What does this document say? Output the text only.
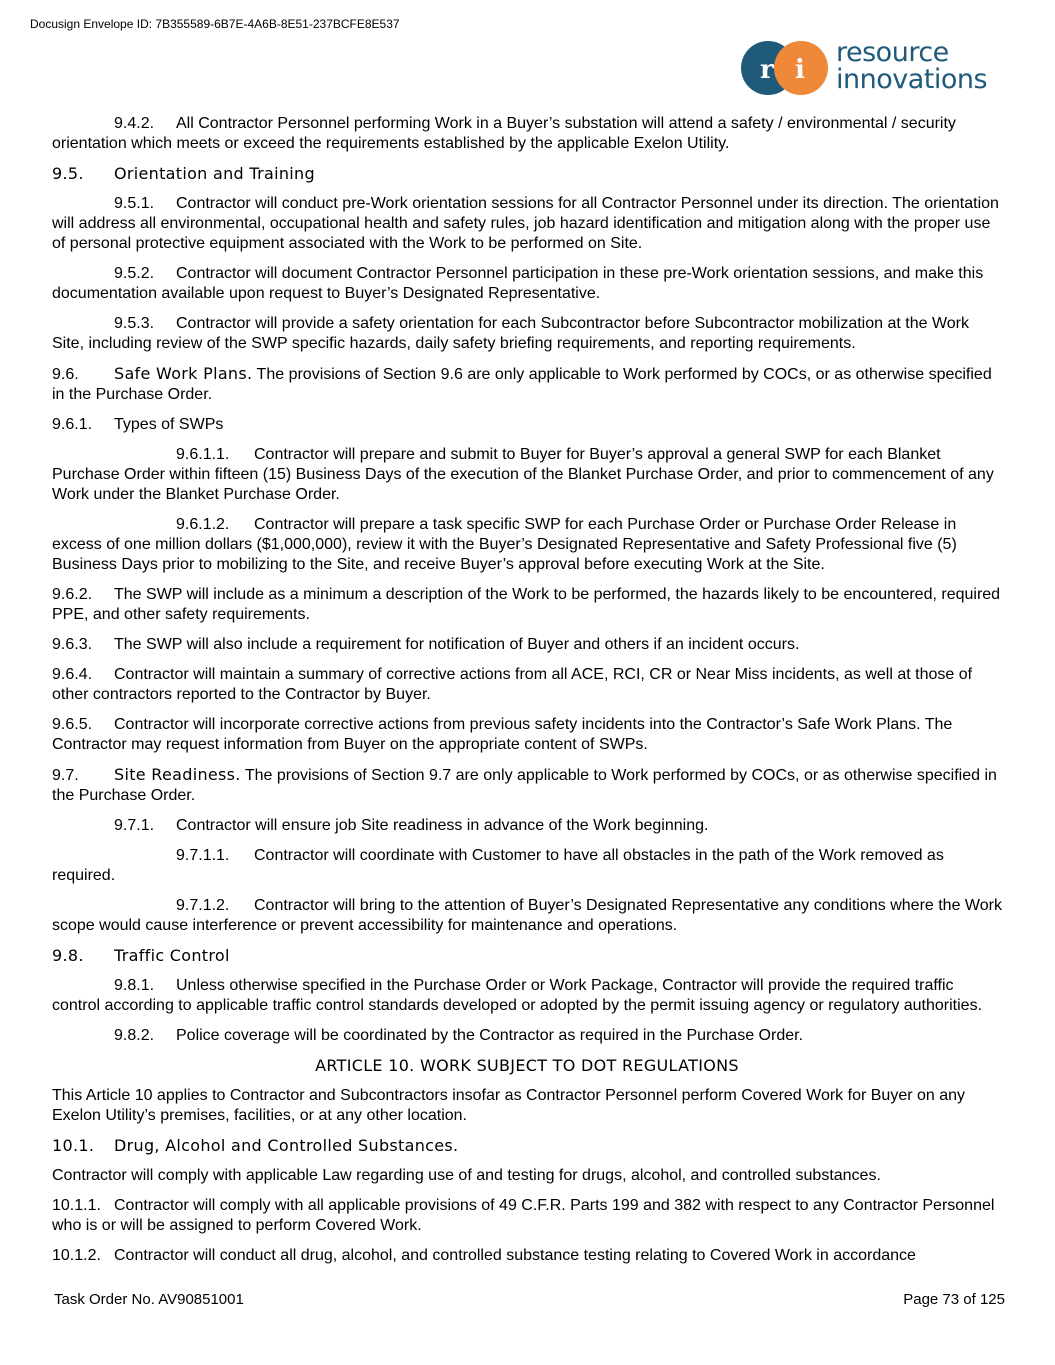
Docusign Envelope ID: 7B355589-6B7E-4A6B-8E51-237BCFE8E537
r i
resource
innovations

9.4.2. All Contractor Personnel performing Work in a Buyer’s substation will attend a safety / environmental / security orientation which meets or exceed the requirements established by the applicable Exelon Utility.

9.5. Orientation and Training

9.5.1. Contractor will conduct pre-Work orientation sessions for all Contractor Personnel under its direction. The orientation will address all environmental, occupational health and safety rules, job hazard identification and mitigation along with the proper use of personal protective equipment associated with the Work to be performed on Site.

9.5.2. Contractor will document Contractor Personnel participation in these pre-Work orientation sessions, and make this documentation available upon request to Buyer’s Designated Representative.

9.5.3. Contractor will provide a safety orientation for each Subcontractor before Subcontractor mobilization at the Work Site, including review of the SWP specific hazards, daily safety briefing requirements, and reporting requirements.

9.6. Safe Work Plans. The provisions of Section 9.6 are only applicable to Work performed by COCs, or as otherwise specified in the Purchase Order.

9.6.1. Types of SWPs

9.6.1.1. Contractor will prepare and submit to Buyer for Buyer’s approval a general SWP for each Blanket Purchase Order within fifteen (15) Business Days of the execution of the Blanket Purchase Order, and prior to commencement of any Work under the Blanket Purchase Order.

9.6.1.2. Contractor will prepare a task specific SWP for each Purchase Order or Purchase Order Release in excess of one million dollars ($1,000,000), review it with the Buyer’s Designated Representative and Safety Professional five (5) Business Days prior to mobilizing to the Site, and receive Buyer’s approval before executing Work at the Site.

9.6.2. The SWP will include as a minimum a description of the Work to be performed, the hazards likely to be encountered, required PPE, and other safety requirements.

9.6.3. The SWP will also include a requirement for notification of Buyer and others if an incident occurs.

9.6.4. Contractor will maintain a summary of corrective actions from all ACE, RCI, CR or Near Miss incidents, as well at those of other contractors reported to the Contractor by Buyer.

9.6.5. Contractor will incorporate corrective actions from previous safety incidents into the Contractor’s Safe Work Plans. The Contractor may request information from Buyer on the appropriate content of SWPs.

9.7. Site Readiness. The provisions of Section 9.7 are only applicable to Work performed by COCs, or as otherwise specified in the Purchase Order.

9.7.1. Contractor will ensure job Site readiness in advance of the Work beginning.

9.7.1.1. Contractor will coordinate with Customer to have all obstacles in the path of the Work removed as required.

9.7.1.2. Contractor will bring to the attention of Buyer’s Designated Representative any conditions where the Work scope would cause interference or prevent accessibility for maintenance and operations.

9.8. Traffic Control

9.8.1. Unless otherwise specified in the Purchase Order or Work Package, Contractor will provide the required traffic control according to applicable traffic control standards developed or adopted by the permit issuing agency or regulatory authorities.

9.8.2. Police coverage will be coordinated by the Contractor as required in the Purchase Order.

ARTICLE 10. WORK SUBJECT TO DOT REGULATIONS

This Article 10 applies to Contractor and Subcontractors insofar as Contractor Personnel perform Covered Work for Buyer on any Exelon Utility’s premises, facilities, or at any other location.

10.1. Drug, Alcohol and Controlled Substances.

Contractor will comply with applicable Law regarding use of and testing for drugs, alcohol, and controlled substances.

10.1.1. Contractor will comply with all applicable provisions of 49 C.F.R. Parts 199 and 382 with respect to any Contractor Personnel who is or will be assigned to perform Covered Work.

10.1.2. Contractor will conduct all drug, alcohol, and controlled substance testing relating to Covered Work in accordance

Task Order No. AV90851001	Page 73 of 125
